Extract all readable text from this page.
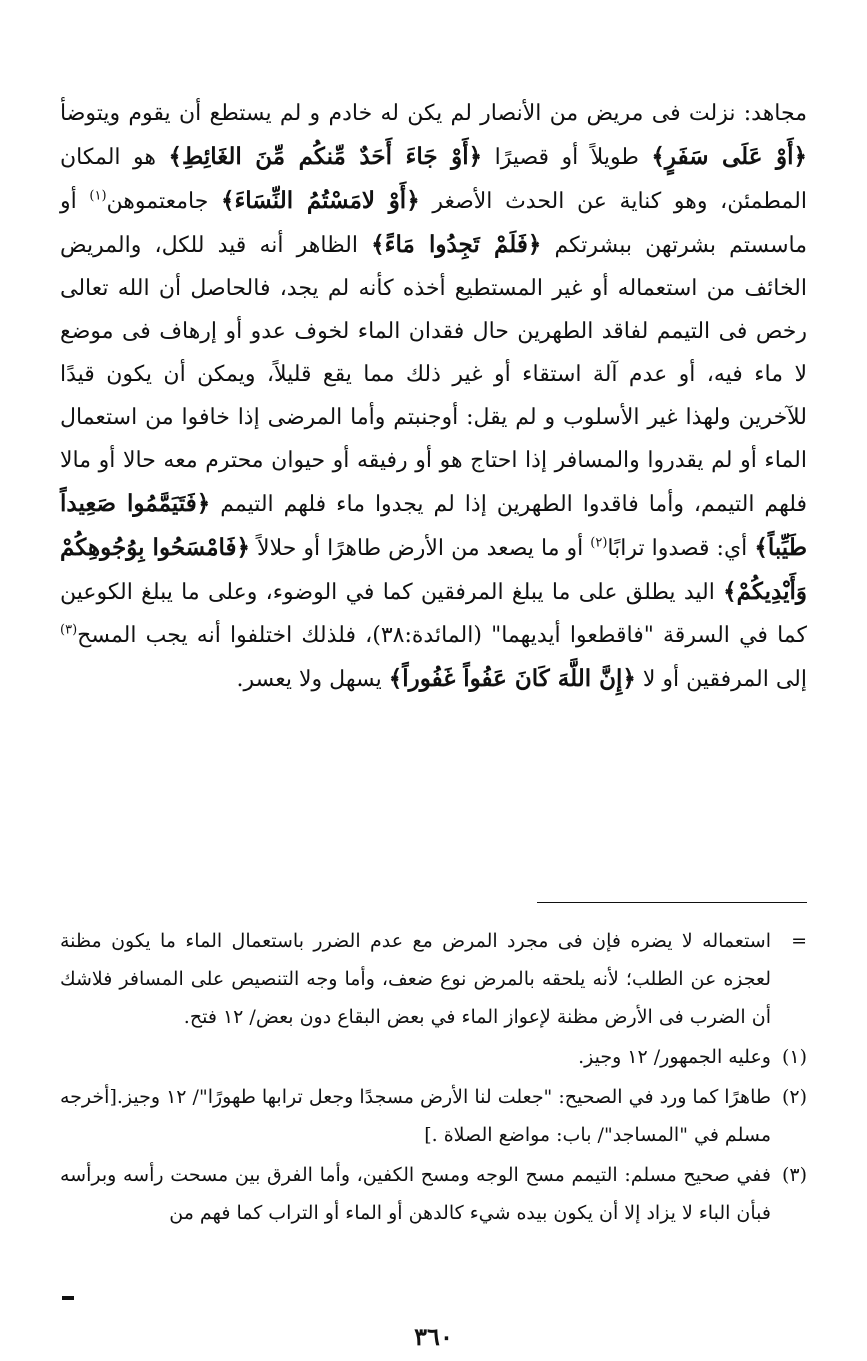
مجاهد: نزلت فى مريض من الأنصار لم يكن له خادم و لم يستطع أن يقوم ويتوضأ ﴿أَوْ عَلَى سَفَرٍ﴾ طويلاً أو قصيرًا ﴿أَوْ جَاءَ أَحَدٌ مِّنكُم مِّنَ الغَائِطِ﴾ هو المكان المطمئن، وهو كناية عن الحدث الأصغر ﴿أَوْ لامَسْتُمُ النِّسَاءَ﴾ جامعتموهن$^{(١)}$ أو ماسستم بشرتهن ببشرتكم ﴿فَلَمْ تَجِدُوا مَاءً﴾ الظاهر أنه قيد للكل، والمريض الخائف من استعماله أو غير المستطيع أخذه كأنه لم يجد، فالحاصل أن الله تعالى رخص فى التيمم لفاقد الطهرين حال فقدان الماء لخوف عدو أو إرهاف فى موضع لا ماء فيه، أو عدم آلة استقاء أو غير ذلك مما يقع قليلاً، ويمكن أن يكون قيدًا للآخرين ولهذا غير الأسلوب و لم يقل: أوجنبتم وأما المرضى إذا خافوا من استعمال الماء أو لم يقدروا والمسافر إذا احتاج هو أو رفيقه أو حيوان محترم معه حالا أو مالا فلهم التيمم، وأما فاقدوا الطهرين إذا لم يجدوا ماء فلهم التيمم ﴿فَتَيَمَّمُوا صَعِيداً طَيِّباً﴾ أي: قصدوا ترابًا$^{(٢)}$ أو ما يصعد من الأرض طاهرًا أو حلالاً ﴿فَامْسَحُوا بِوُجُوهِكُمْ وَأَيْدِيكُمْ﴾ اليد يطلق على ما يبلغ المرفقين كما في الوضوء، وعلى ما يبلغ الكوعين كما في السرقة "فاقطعوا أيديهما" (المائدة:٣٨)، فلذلك اختلفوا أنه يجب المسح$^{(٣)}$ إلى المرفقين أو لا ﴿إِنَّ اللَّهَ كَانَ عَفُواً غَفُوراً﴾ يسهل ولا يعسر.

=استعماله لا يضره فإن فى مجرد المرض مع عدم الضرر باستعمال الماء ما يكون مظنة لعجزه عن الطلب؛ لأنه يلحقه بالمرض نوع ضعف، وأما وجه التنصيص على المسافر فلاشك أن الضرب فى الأرض مظنة لإعواز الماء في بعض البقاع دون بعض/ ١٢ فتح.

(١)وعليه الجمهور/ ١٢ وجيز.

(٢)طاهرًا كما ورد في الصحيح: "جعلت لنا الأرض مسجدًا وجعل ترابها طهورًا"/ ١٢ وجيز.[أخرجه مسلم في "المساجد"/ باب: مواضع الصلاة .]

(٣)ففي صحيح مسلم: التيمم مسح الوجه ومسح الكفين، وأما الفرق بين مسحت رأسه وبرأسه فبأن الباء لا يزاد إلا أن يكون بيده شيء كالدهن أو الماء أو التراب كما فهم من

٣٦٠
